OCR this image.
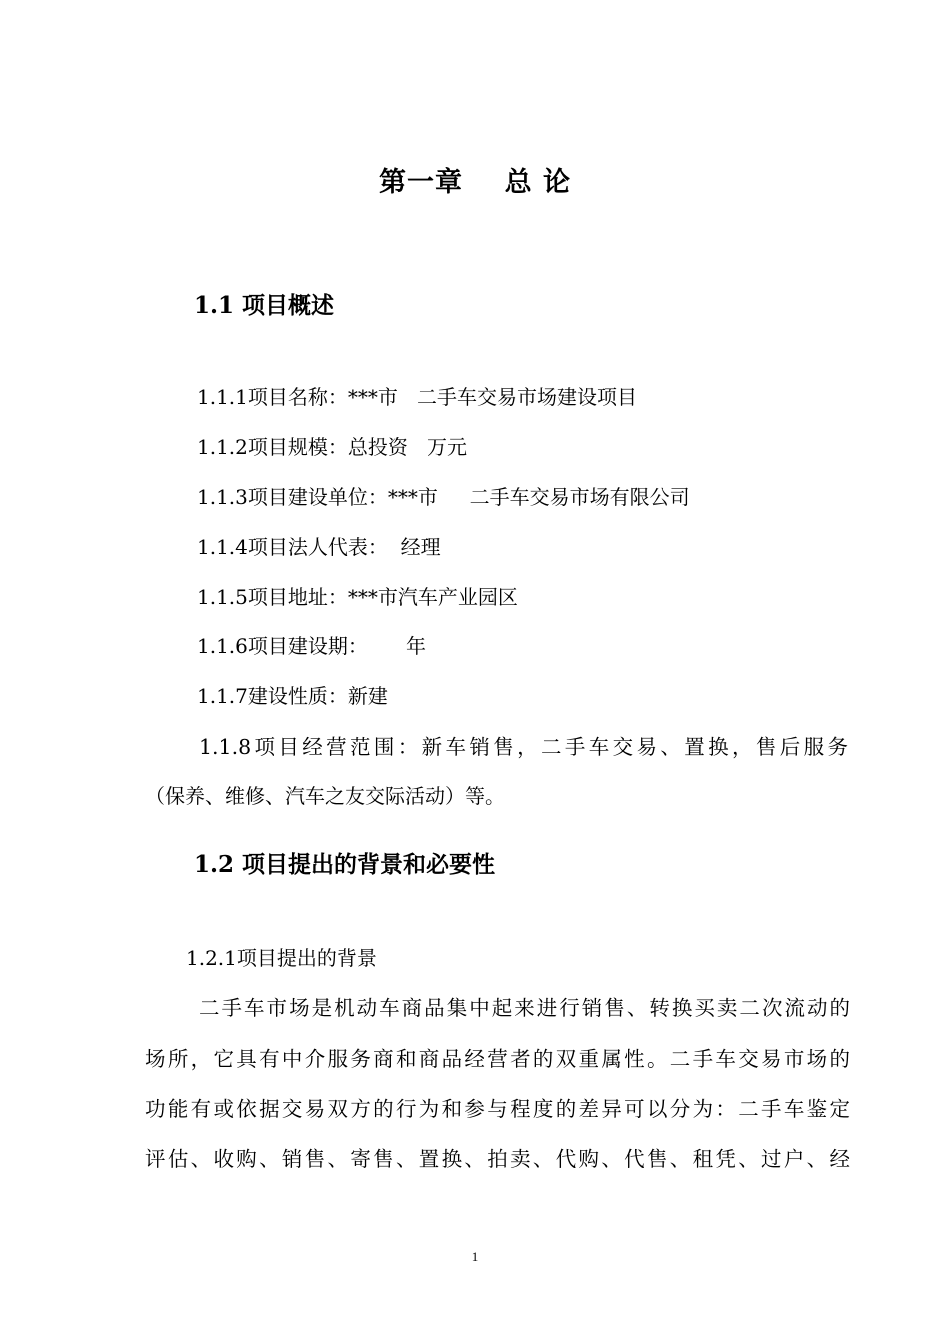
第一章    总 论
1.1 项目概述
1.1.1项目名称：***市   二手车交易市场建设项目
1.1.2项目规模：总投资   万元
1.1.3项目建设单位：***市     二手车交易市场有限公司
1.1.4项目法人代表：  经理
1.1.5项目地址：***市汽车产业园区
1.1.6项目建设期：      年
1.1.7建设性质：新建
1.1.8项目经营范围：新车销售，二手车交易、置换，售后服务
（保养、维修、汽车之友交际活动）等。
1.2 项目提出的背景和必要性
1.2.1项目提出的背景
二手车市场是机动车商品集中起来进行销售、转换买卖二次流动的
场所，它具有中介服务商和商品经营者的双重属性。二手车交易市场的
功能有或依据交易双方的行为和参与程度的差异可以分为：二手车鉴定
评估、收购、销售、寄售、置换、拍卖、代购、代售、租凭、过户、经
1
